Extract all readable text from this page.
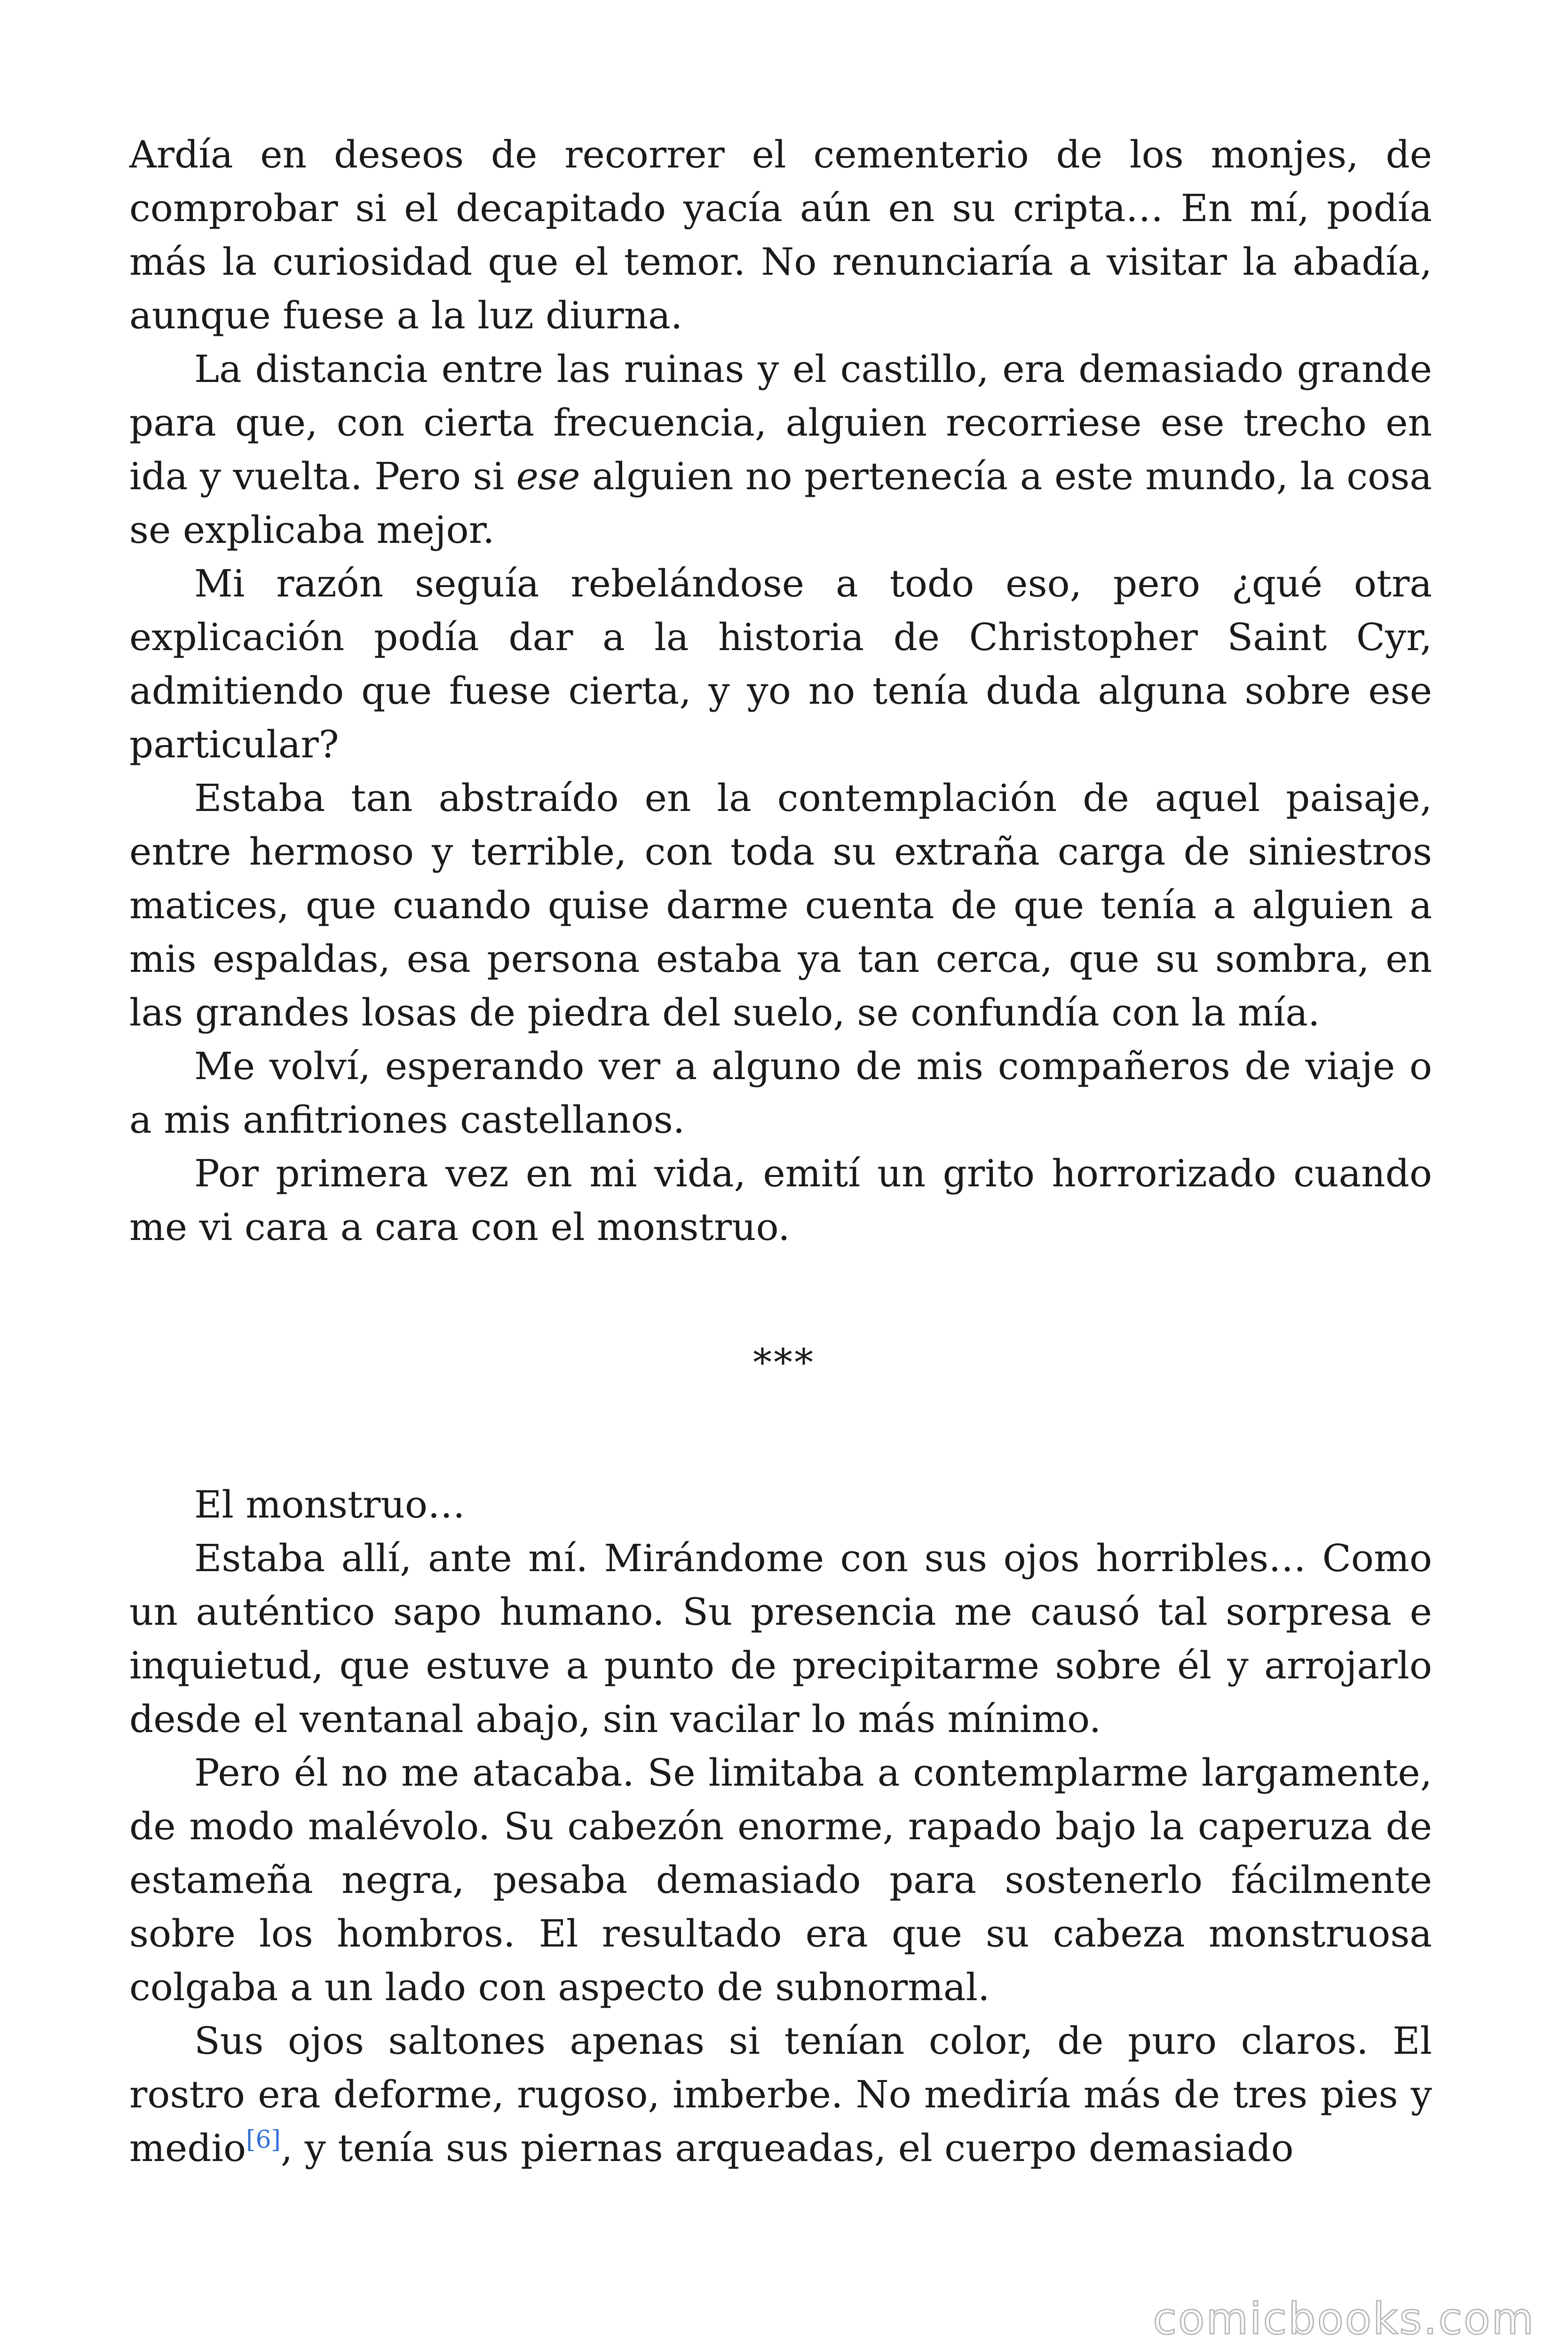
Ardía en deseos de recorrer el cementerio de los monjes, de comprobar si el decapitado yacía aún en su cripta… En mí, podía más la curiosidad que el temor. No renunciaría a visitar la abadía, aunque fuese a la luz diurna.

La distancia entre las ruinas y el castillo, era demasiado grande para que, con cierta frecuencia, alguien recorriese ese trecho en ida y vuelta. Pero si ese alguien no pertenecía a este mundo, la cosa se explicaba mejor.

Mi razón seguía rebelándose a todo eso, pero ¿qué otra explicación podía dar a la historia de Christopher Saint Cyr, admitiendo que fuese cierta, y yo no tenía duda alguna sobre ese particular?

Estaba tan abstraído en la contemplación de aquel paisaje, entre hermoso y terrible, con toda su extraña carga de siniestros matices, que cuando quise darme cuenta de que tenía a alguien a mis espaldas, esa persona estaba ya tan cerca, que su sombra, en las grandes losas de piedra del suelo, se confundía con la mía.

Me volví, esperando ver a alguno de mis compañeros de viaje o a mis anfitriones castellanos.

Por primera vez en mi vida, emití un grito horrorizado cuando me vi cara a cara con el monstruo.

***

El monstruo…

Estaba allí, ante mí. Mirándome con sus ojos horribles… Como un auténtico sapo humano. Su presencia me causó tal sorpresa e inquietud, que estuve a punto de precipitarme sobre él y arrojarlo desde el ventanal abajo, sin vacilar lo más mínimo.

Pero él no me atacaba. Se limitaba a contemplarme largamente, de modo malévolo. Su cabezón enorme, rapado bajo la caperuza de estameña negra, pesaba demasiado para sostenerlo fácilmente sobre los hombros. El resultado era que su cabeza monstruosa colgaba a un lado con aspecto de subnormal.

Sus ojos saltones apenas si tenían color, de puro claros. El rostro era deforme, rugoso, imberbe. No mediría más de tres pies y medio[6], y tenía sus piernas arqueadas, el cuerpo demasiado

comicbooks.com
